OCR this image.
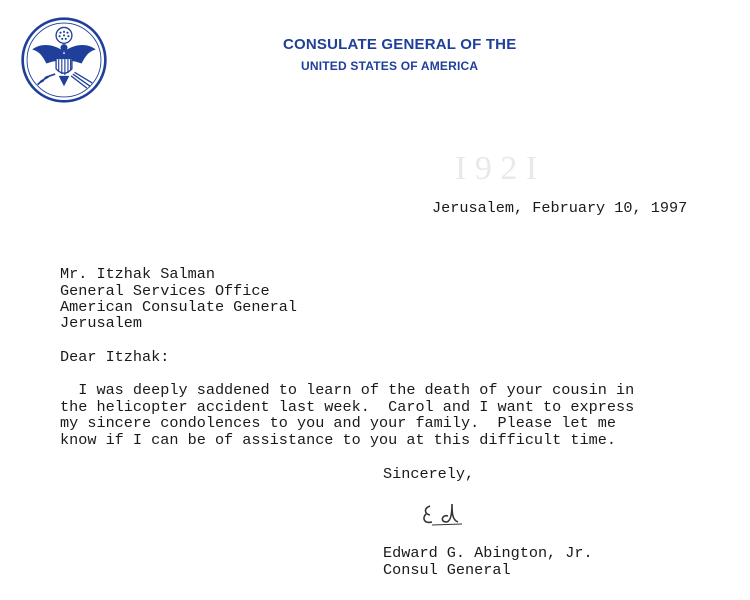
I 9 2 I
CONSULATE GENERAL OF THE
UNITED STATES OF AMERICA
Jerusalem, February 10, 1997
Mr. Itzhak Salman
General Services Office
American Consulate General
Jerusalem
Dear Itzhak:
I was deeply saddened to learn of the death of your cousin in
the helicopter accident last week.  Carol and I want to express
my sincere condolences to you and your family.  Please let me
know if I can be of assistance to you at this difficult time.
Sincerely,
Edward G. Abington, Jr.
Consul General
